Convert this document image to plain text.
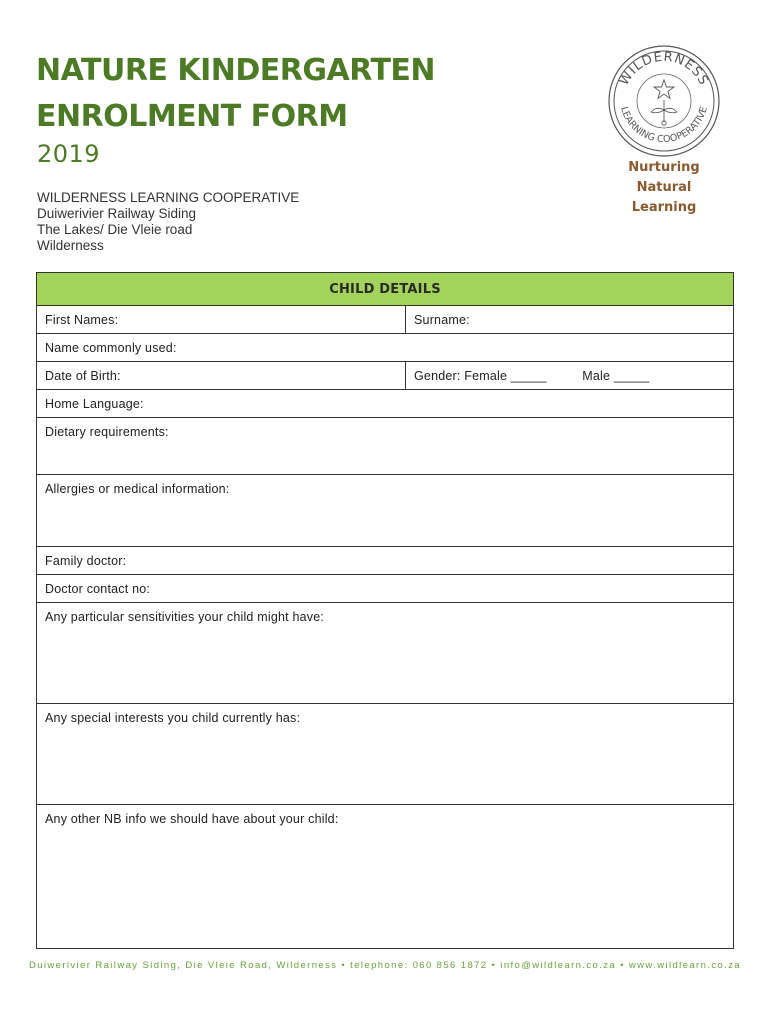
NATURE KINDERGARTEN
ENROLMENT FORM
2019
WILDERNESS LEARNING COOPERATIVE
Duiwerivier Railway Siding
The Lakes/ Die Vleie road
Wilderness
WILDERNESS
LEARNING COOPERATIVE
Nurturing Natural
Learning
CHILD DETAILS	
First Names:	Surname:
Name commonly used:	
Date of Birth:	Gender: Female _____ Male _____
Home Language:	
Dietary requirements:	
Allergies or medical information:	
Family doctor:	
Doctor contact no:	
Any particular sensitivities your child might have:	
Any special interests you child currently has:	
Any other NB info we should have about your child:	
Duiwerivier Railway Siding, Die Vleie Road, Wilderness • telephone: 060 856 1872 • info@wildlearn.co.za • www.wildlearn.co.za
